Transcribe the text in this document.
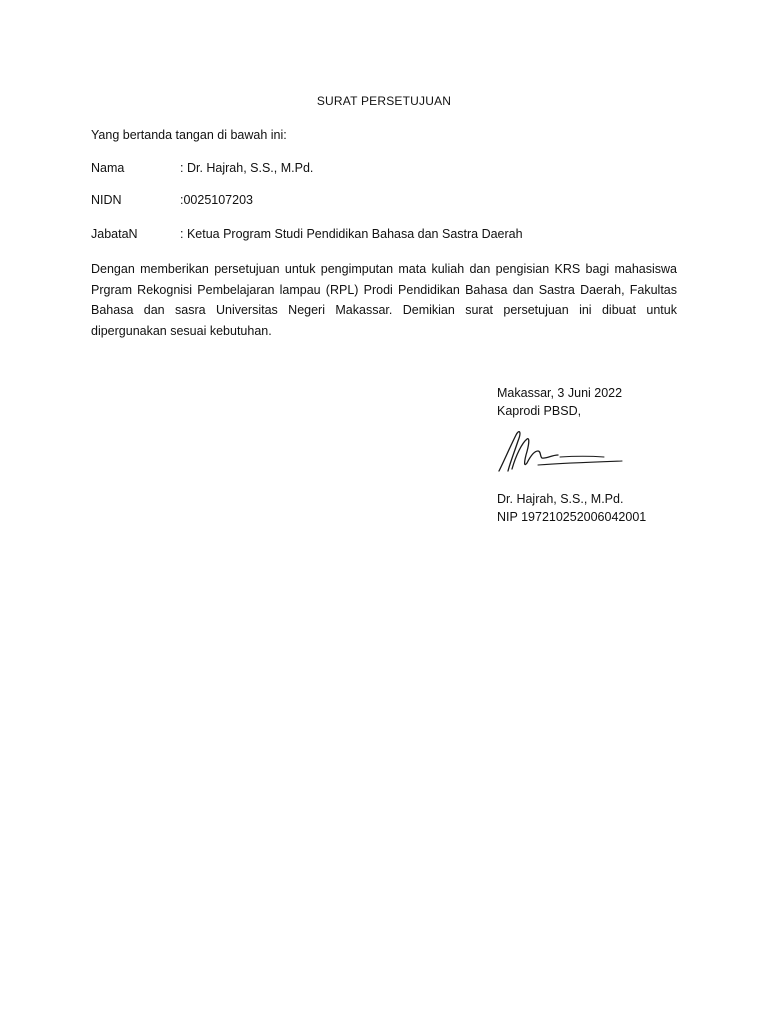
SURAT PERSETUJUAN
Yang bertanda tangan di bawah ini:
Nama	: Dr. Hajrah, S.S., M.Pd.
NIDN	:0025107203
JabataN	: Ketua Program Studi Pendidikan Bahasa dan Sastra Daerah
Dengan memberikan persetujuan untuk pengimputan mata kuliah dan pengisian KRS bagi mahasiswa Prgram Rekognisi Pembelajaran lampau (RPL) Prodi Pendidikan Bahasa dan Sastra Daerah, Fakultas Bahasa dan sasra Universitas Negeri Makassar. Demikian surat persetujuan ini dibuat untuk dipergunakan sesuai kebutuhan.
Makassar, 3 Juni 2022
Kaprodi PBSD,
Dr. Hajrah, S.S., M.Pd.
NIP 197210252006042001
